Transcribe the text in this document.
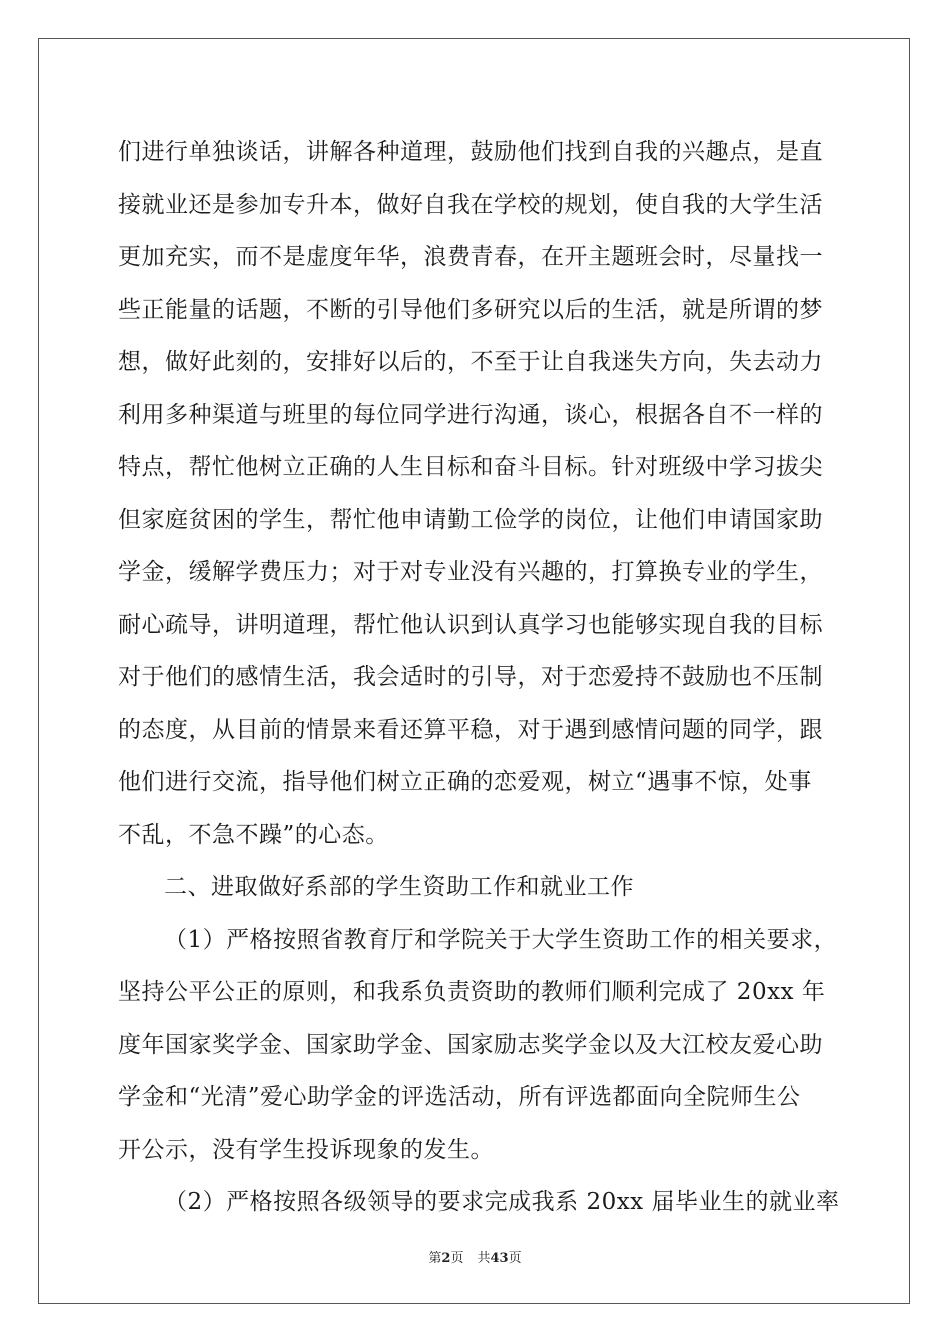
们进行单独谈话，讲解各种道理，鼓励他们找到自我的兴趣点，是直
接就业还是参加专升本，做好自我在学校的规划，使自我的大学生活
更加充实，而不是虚度年华，浪费青春，在开主题班会时，尽量找一
些正能量的话题，不断的引导他们多研究以后的生活，就是所谓的梦
想，做好此刻的，安排好以后的，不至于让自我迷失方向，失去动力
利用多种渠道与班里的每位同学进行沟通，谈心，根据各自不一样的
特点，帮忙他树立正确的人生目标和奋斗目标。针对班级中学习拔尖
但家庭贫困的学生，帮忙他申请勤工俭学的岗位，让他们申请国家助
学金，缓解学费压力；对于对专业没有兴趣的，打算换专业的学生，
耐心疏导，讲明道理，帮忙他认识到认真学习也能够实现自我的目标
对于他们的感情生活，我会适时的引导，对于恋爱持不鼓励也不压制
的态度，从目前的情景来看还算平稳，对于遇到感情问题的同学，跟
他们进行交流，指导他们树立正确的恋爱观，树立“遇事不惊，处事
不乱，不急不躁”的心态。
二、进取做好系部的学生资助工作和就业工作
（1）严格按照省教育厅和学院关于大学生资助工作的相关要求，
坚持公平公正的原则，和我系负责资助的教师们顺利完成了 20xx 年
度年国家奖学金、国家助学金、国家励志奖学金以及大江校友爱心助
学金和“光清”爱心助学金的评选活动，所有评选都面向全院师生公
开公示，没有学生投诉现象的发生。
（2）严格按照各级领导的要求完成我系 20xx 届毕业生的就业率
第2页 共43页
